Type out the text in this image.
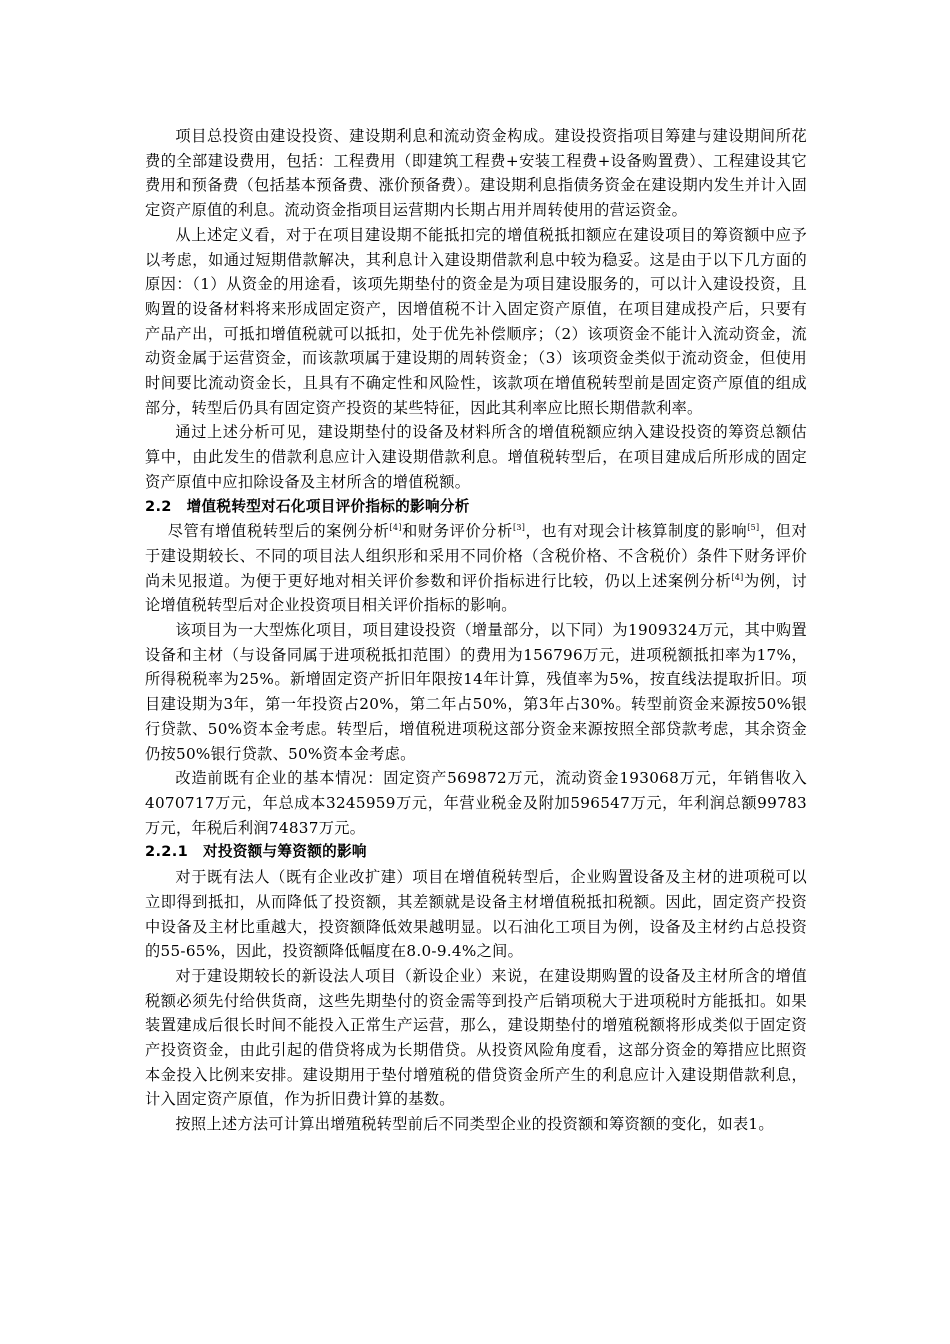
项目总投资由建设投资、建设期利息和流动资金构成。建设投资指项目筹建与建设期间所花费的全部建设费用，包括：工程费用（即建筑工程费+安装工程费+设备购置费）、工程建设其它费用和预备费（包括基本预备费、涨价预备费）。建设期利息指债务资金在建设期内发生并计入固定资产原值的利息。流动资金指项目运营期内长期占用并周转使用的营运资金。

从上述定义看，对于在项目建设期不能抵扣完的增值税抵扣额应在建设项目的筹资额中应予以考虑，如通过短期借款解决，其利息计入建设期借款利息中较为稳妥。这是由于以下几方面的原因：（1）从资金的用途看，该项先期垫付的资金是为项目建设服务的，可以计入建设投资，且购置的设备材料将来形成固定资产，因增值税不计入固定资产原值，在项目建成投产后，只要有产品产出，可抵扣增值税就可以抵扣，处于优先补偿顺序；（2）该项资金不能计入流动资金，流动资金属于运营资金，而该款项属于建设期的周转资金；（3）该项资金类似于流动资金，但使用时间要比流动资金长，且具有不确定性和风险性，该款项在增值税转型前是固定资产原值的组成部分，转型后仍具有固定资产投资的某些特征，因此其利率应比照长期借款利率。

通过上述分析可见，建设期垫付的设备及材料所含的增值税额应纳入建设投资的筹资总额估算中，由此发生的借款利息应计入建设期借款利息。增值税转型后，在项目建成后所形成的固定资产原值中应扣除设备及主材所含的增值税额。

2.2　增值税转型对石化项目评价指标的影响分析

尽管有增值税转型后的案例分析[4]和财务评价分析[3]，也有对现会计核算制度的影响[5]，但对于建设期较长、不同的项目法人组织形和采用不同价格（含税价格、不含税价）条件下财务评价尚未见报道。为便于更好地对相关评价参数和评价指标进行比较，仍以上述案例分析[4]为例，讨论增值税转型后对企业投资项目相关评价指标的影响。

该项目为一大型炼化项目，项目建设投资（增量部分，以下同）为1909324万元，其中购置设备和主材（与设备同属于进项税抵扣范围）的费用为156796万元，进项税额抵扣率为17%，所得税税率为25%。新增固定资产折旧年限按14年计算，残值率为5%，按直线法提取折旧。项目建设期为3年，第一年投资占20%，第二年占50%，第3年占30%。转型前资金来源按50%银行贷款、50%资本金考虑。转型后，增值税进项税这部分资金来源按照全部贷款考虑，其余资金仍按50%银行贷款、50%资本金考虑。

改造前既有企业的基本情况：固定资产569872万元，流动资金193068万元，年销售收入4070717万元，年总成本3245959万元，年营业税金及附加596547万元，年利润总额99783万元，年税后利润74837万元。

2.2.1　对投资额与筹资额的影响

对于既有法人（既有企业改扩建）项目在增值税转型后，企业购置设备及主材的进项税可以立即得到抵扣，从而降低了投资额，其差额就是设备主材增值税抵扣税额。因此，固定资产投资中设备及主材比重越大，投资额降低效果越明显。以石油化工项目为例，设备及主材约占总投资的55-65%，因此，投资额降低幅度在8.0-9.4%之间。

对于建设期较长的新设法人项目（新设企业）来说，在建设期购置的设备及主材所含的增值税额必须先付给供货商，这些先期垫付的资金需等到投产后销项税大于进项税时方能抵扣。如果装置建成后很长时间不能投入正常生产运营，那么，建设期垫付的增殖税额将形成类似于固定资产投资资金，由此引起的借贷将成为长期借贷。从投资风险角度看，这部分资金的筹措应比照资本金投入比例来安排。建设期用于垫付增殖税的借贷资金所产生的利息应计入建设期借款利息，计入固定资产原值，作为折旧费计算的基数。

按照上述方法可计算出增殖税转型前后不同类型企业的投资额和筹资额的变化，如表1。
